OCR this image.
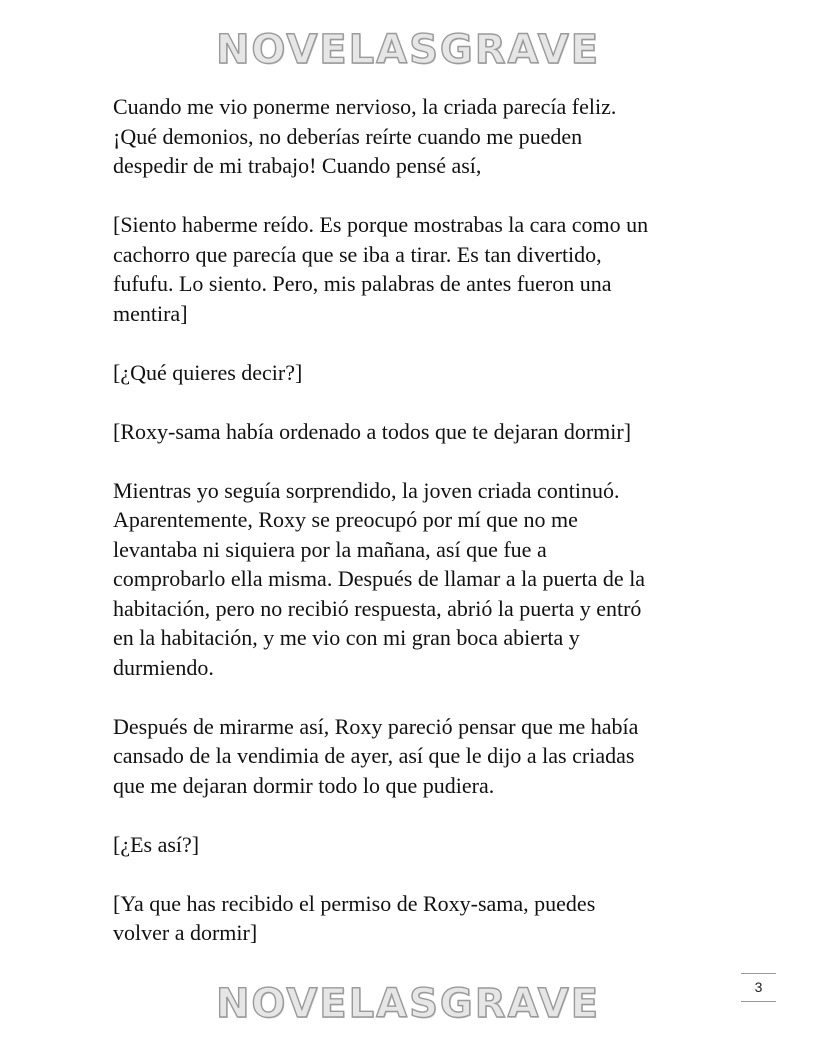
NOVELASGRAVE

Cuando me vio ponerme nervioso, la criada parecía feliz.
¡Qué demonios, no deberías reírte cuando me pueden
despedir de mi trabajo! Cuando pensé así,

[Siento haberme reído. Es porque mostrabas la cara como un
cachorro que parecía que se iba a tirar. Es tan divertido,
fufufu. Lo siento. Pero, mis palabras de antes fueron una
mentira]

[¿Qué quieres decir?]

[Roxy-sama había ordenado a todos que te dejaran dormir]

Mientras yo seguía sorprendido, la joven criada continuó.
Aparentemente, Roxy se preocupó por mí que no me
levantaba ni siquiera por la mañana, así que fue a
comprobarlo ella misma. Después de llamar a la puerta de la
habitación, pero no recibió respuesta, abrió la puerta y entró
en la habitación, y me vio con mi gran boca abierta y
durmiendo.

Después de mirarme así, Roxy pareció pensar que me había
cansado de la vendimia de ayer, así que le dijo a las criadas
que me dejaran dormir todo lo que pudiera.

[¿Es así?]

[Ya que has recibido el permiso de Roxy-sama, puedes
volver a dormir]

3
NOVELASGRAVE
